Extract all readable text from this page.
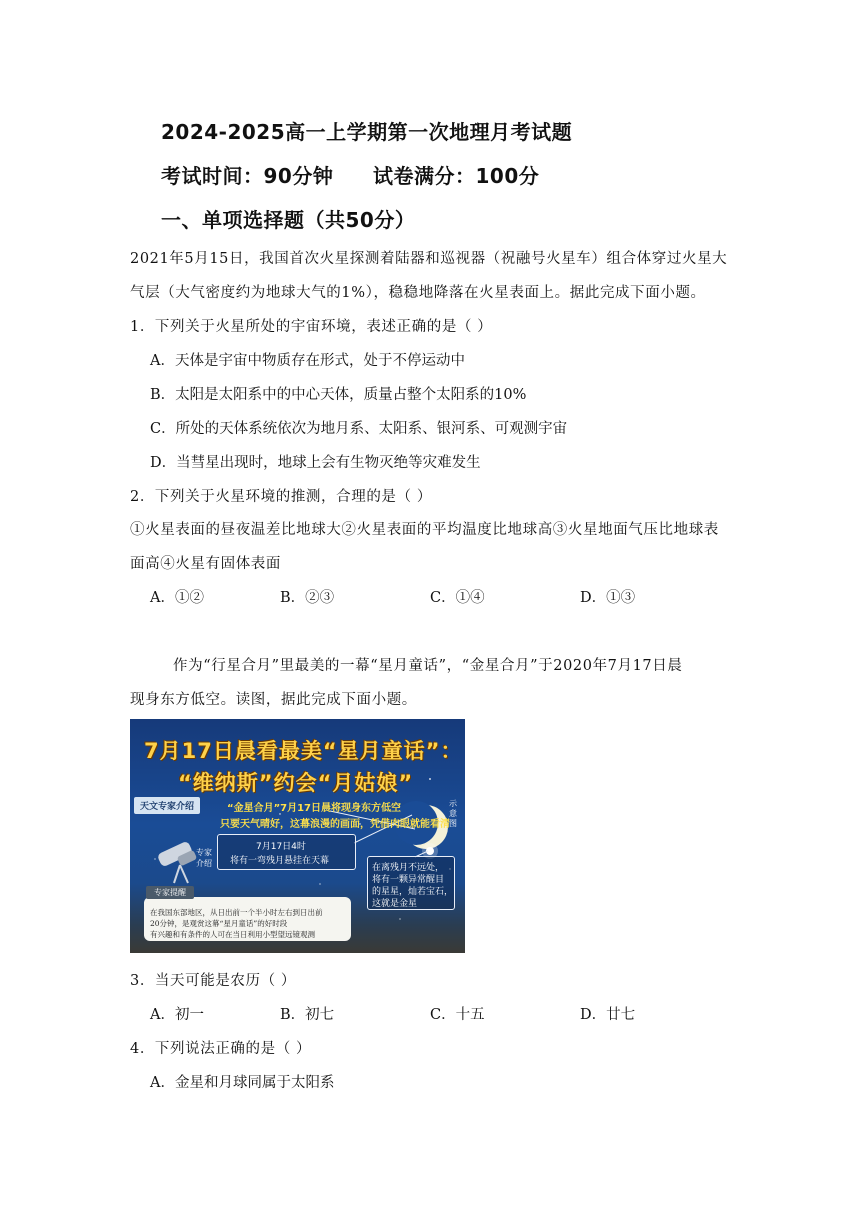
2024-2025高一上学期第一次地理月考试题
考试时间：90分钟 试卷满分：100分
一、单项选择题（共50分）
2021年5月15日，我国首次火星探测着陆器和巡视器（祝融号火星车）组合体穿过火星大
气层（大气密度约为地球大气的1%），稳稳地降落在火星表面上。据此完成下面小题。
1．下列关于火星所处的宇宙环境，表述正确的是（ ）
A．天体是宇宙中物质存在形式，处于不停运动中
B．太阳是太阳系中的中心天体，质量占整个太阳系的10%
C．所处的天体系统依次为地月系、太阳系、银河系、可观测宇宙
D．当彗星出现时，地球上会有生物灭绝等灾难发生
2．下列关于火星环境的推测，合理的是（ ）
①火星表面的昼夜温差比地球大②火星表面的平均温度比地球高③火星地面气压比地球表
面高④火星有固体表面
A．①②	B．②③	C．①④	D．①③
作为“行星合月”里最美的一幕“星月童话”，“金星合月”于2020年7月17日晨
现身东方低空。读图，据此完成下面小题。
7月17日晨看最美“星月童话”：
“维纳斯”约会“月姑娘”
天文专家介绍	“金星合月”7月17日晨将现身东方低空
只要天气晴好，这幕浪漫的画面，凭借肉眼就能看清
示意图
专家介绍
7月17日4时
将有一弯残月悬挂在天幕
在离残月不远处，
将有一颗异常醒目
的星星，灿若宝石，
这就是金星
在我国东部地区，从日出前一个半小时左右到日出前
20分钟，是观赏这幕“星月童话”的好时段
有兴趣和有条件的人可在当日利用小型望远镜观测
专家提醒
3．当天可能是农历（ ）
A．初一	B．初七	C．十五	D．廿七
4．下列说法正确的是（ ）
A．金星和月球同属于太阳系
